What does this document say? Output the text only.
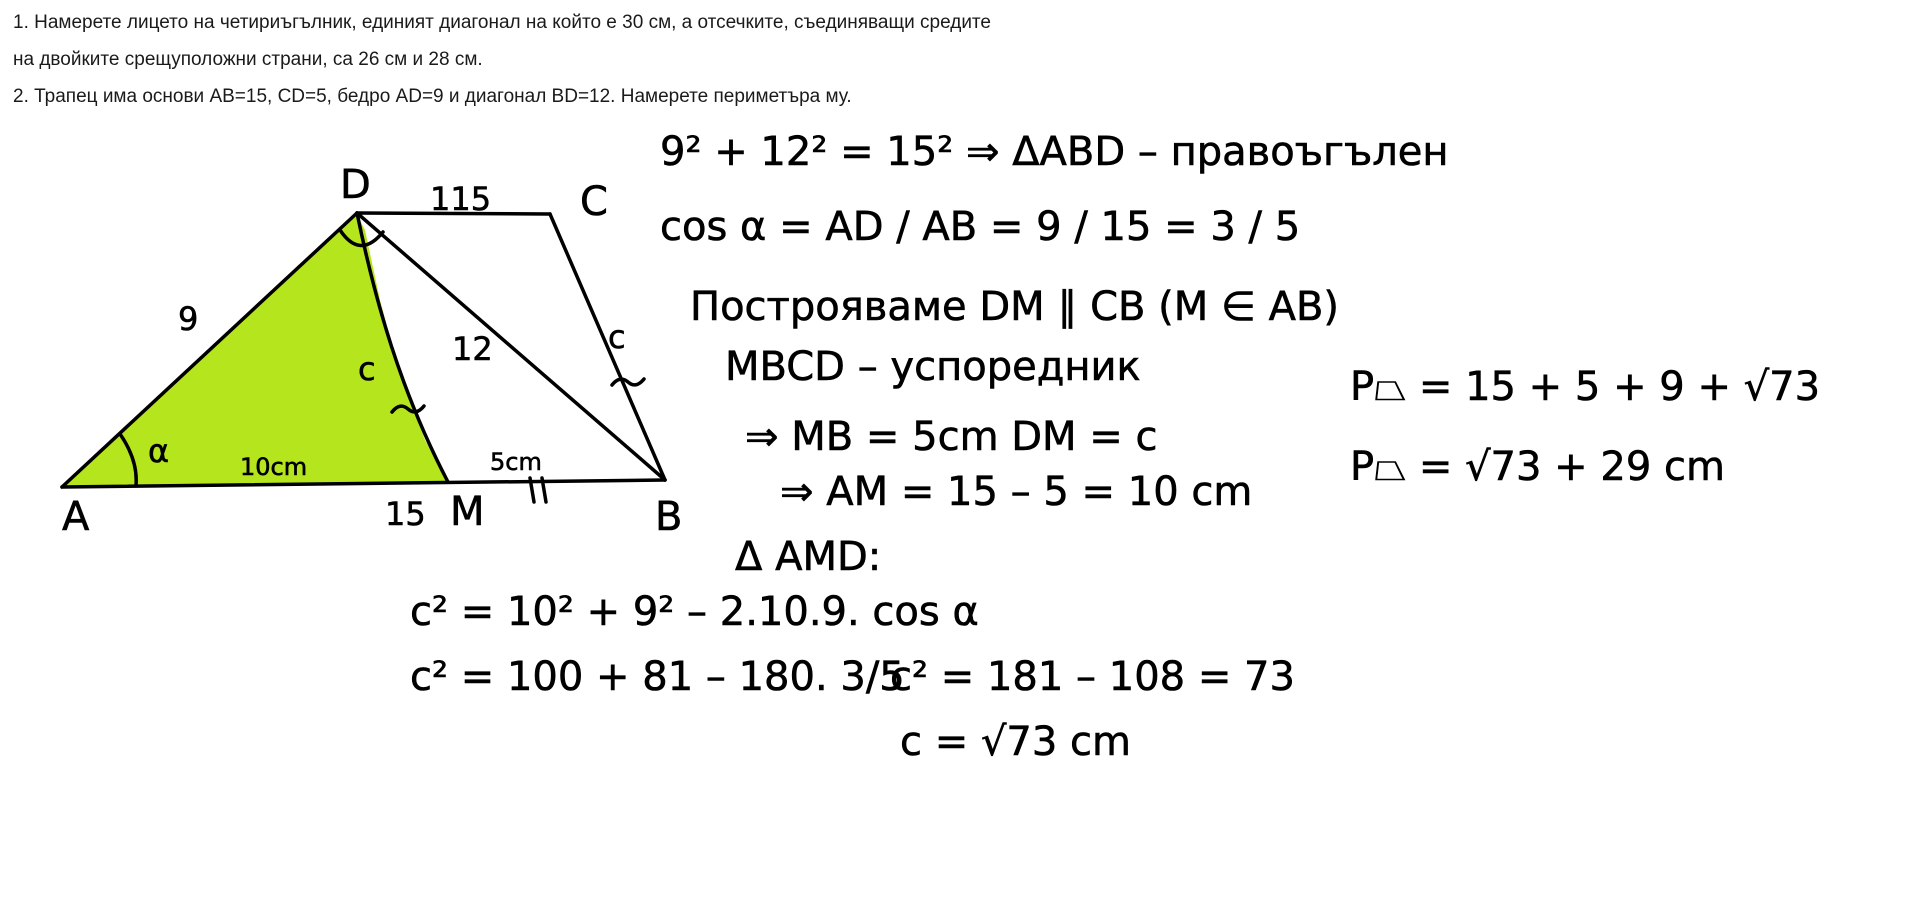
1. Намерете лицето на четириъгълник, единият диагонал на който е 30 см, а отсечките, съединяващи средите

на двойките срещуположни страни, са 26 см и 28 см.

2. Трапец има основи AB=15, CD=5, бедро AD=9 и диагонал BD=12. Намерете периметъра му.

A
D	C
B
M
115
9
α	10cm
15
5cm
12
c
c
9² + 12² = 15² ⇒ ΔABD – правоъгълен
cos α = AD / AB = 9 / 15 = 3 / 5
Построяваме DM ∥ CB (M ∈ AB)
MBCD – успоредник
⇒ MB = 5cm DM = c
⇒ AM = 15 – 5 = 10 cm
Δ AMD:
c² = 10² + 9² – 2.10.9. cos α
c² = 100 + 81 – 180. 3/5
c² = 181 – 108 = 73
c = √73 cm
P⏢ = 15 + 5 + 9 + √73
P⏢ = √73 + 29 cm
